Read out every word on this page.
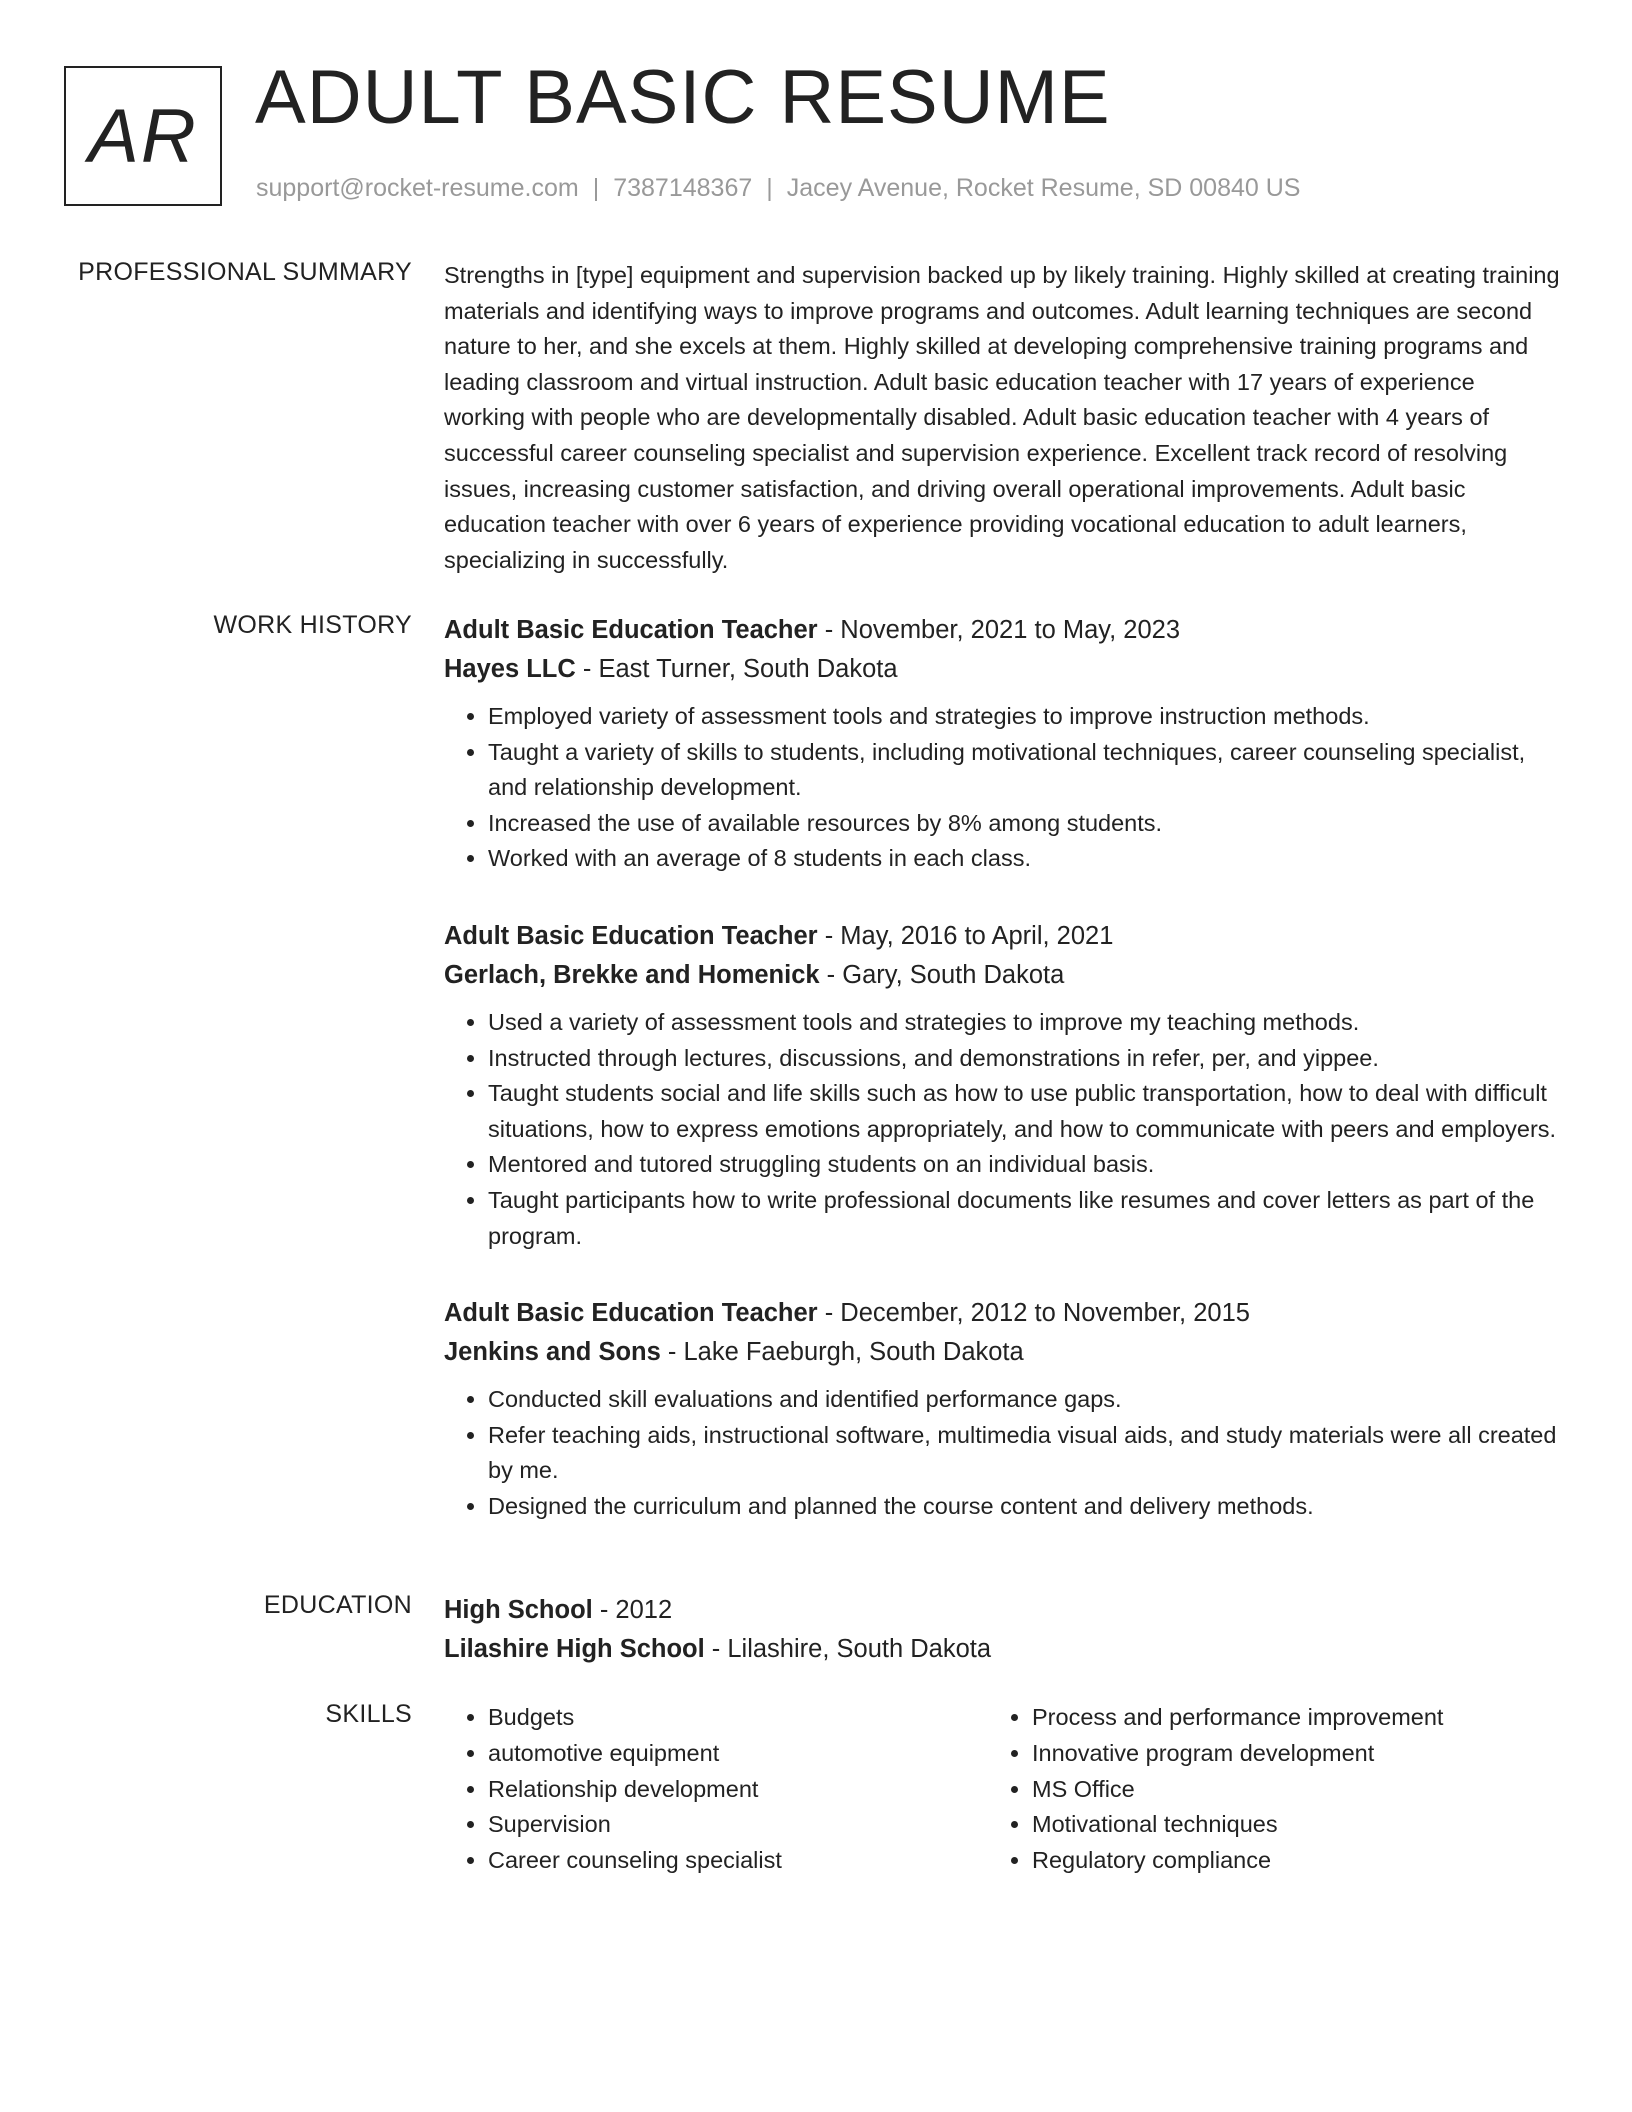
AR ADULT BASIC RESUME
support@rocket-resume.com | 7387148367 | Jacey Avenue, Rocket Resume, SD 00840 US
PROFESSIONAL SUMMARY Strengths in [type] equipment and supervision backed up by likely training. Highly skilled at creating training materials and identifying ways to improve programs and outcomes. Adult learning techniques are second nature to her, and she excels at them. Highly skilled at developing comprehensive training programs and leading classroom and virtual instruction. Adult basic education teacher with 17 years of experience working with people who are developmentally disabled. Adult basic education teacher with 4 years of successful career counseling specialist and supervision experience. Excellent track record of resolving issues, increasing customer satisfaction, and driving overall operational improvements. Adult basic education teacher with over 6 years of experience providing vocational education to adult learners, specializing in successfully.
WORK HISTORY Adult Basic Education Teacher - November, 2021 to May, 2023
Hayes LLC - East Turner, South Dakota
• Employed variety of assessment tools and strategies to improve instruction methods.
• Taught a variety of skills to students, including motivational techniques, career counseling specialist, and relationship development.
• Increased the use of available resources by 8% among students.
• Worked with an average of 8 students in each class.
Adult Basic Education Teacher - May, 2016 to April, 2021
Gerlach, Brekke and Homenick - Gary, South Dakota
• Used a variety of assessment tools and strategies to improve my teaching methods.
• Instructed through lectures, discussions, and demonstrations in refer, per, and yippee.
• Taught students social and life skills such as how to use public transportation, how to deal with difficult situations, how to express emotions appropriately, and how to communicate with peers and employers.
• Mentored and tutored struggling students on an individual basis.
• Taught participants how to write professional documents like resumes and cover letters as part of the program.
Adult Basic Education Teacher - December, 2012 to November, 2015
Jenkins and Sons - Lake Faeburgh, South Dakota
• Conducted skill evaluations and identified performance gaps.
• Refer teaching aids, instructional software, multimedia visual aids, and study materials were all created by me.
• Designed the curriculum and planned the course content and delivery methods.
EDUCATION High School - 2012
Lilashire High School - Lilashire, South Dakota
SKILLS
•	Budgets
• automotive equipment
• Relationship development
• Supervision
• Career counseling specialist
• Process and performance improvement
• Innovative program development
• MS Office
• Motivational techniques
• Regulatory compliance
